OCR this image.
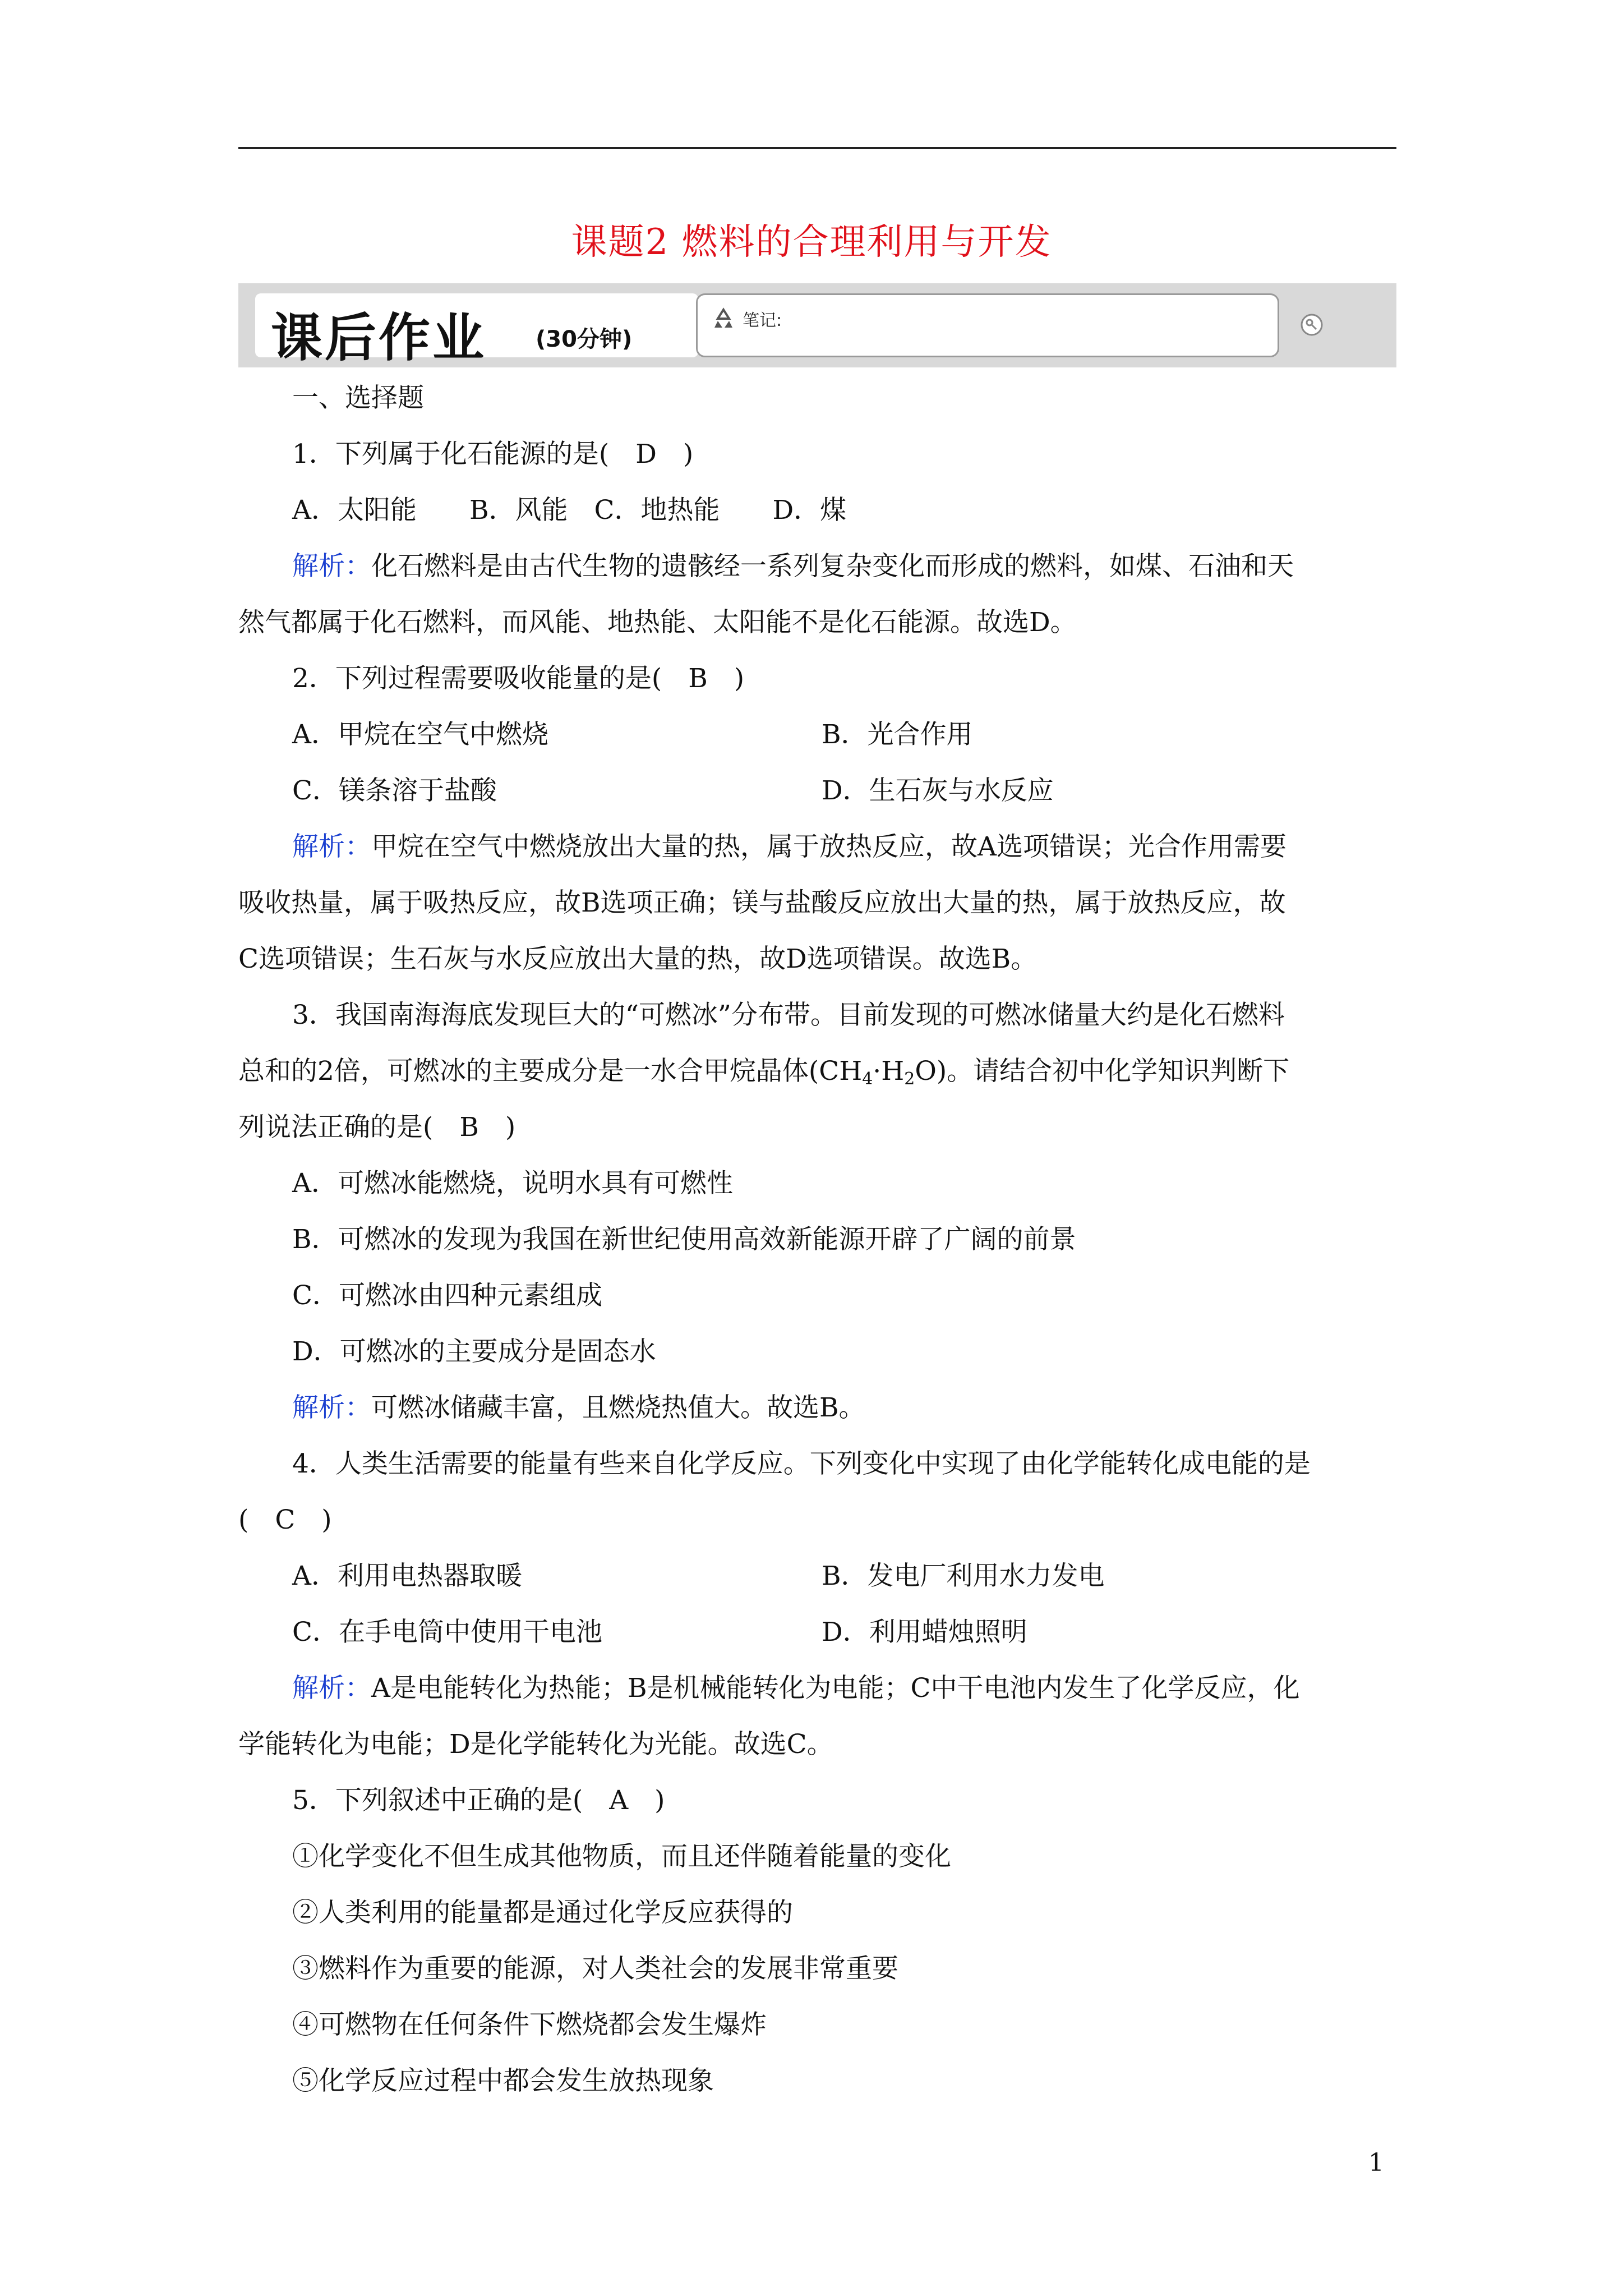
课题2 燃料的合理利用与开发
课后作业 (30分钟)
笔记:
一、选择题
1．下列属于化石能源的是(　D　)
A．太阳能　　B．风能　C．地热能　　D．煤
解析：化石燃料是由古代生物的遗骸经一系列复杂变化而形成的燃料，如煤、石油和天
然气都属于化石燃料，而风能、地热能、太阳能不是化石能源。故选D。
2．下列过程需要吸收能量的是(　B　)
A．甲烷在空气中燃烧	B．光合作用
C．镁条溶于盐酸	D．生石灰与水反应
解析：甲烷在空气中燃烧放出大量的热，属于放热反应，故A选项错误；光合作用需要
吸收热量，属于吸热反应，故B选项正确；镁与盐酸反应放出大量的热，属于放热反应，故
C选项错误；生石灰与水反应放出大量的热，故D选项错误。故选B。
3．我国南海海底发现巨大的“可燃冰”分布带。目前发现的可燃冰储量大约是化石燃料
总和的2倍，可燃冰的主要成分是一水合甲烷晶体$(CH_4\cdot H_2O)$。请结合初中化学知识判断下
列说法正确的是(　B　)
A．可燃冰能燃烧，说明水具有可燃性
B．可燃冰的发现为我国在新世纪使用高效新能源开辟了广阔的前景
C．可燃冰由四种元素组成
D．可燃冰的主要成分是固态水
解析：可燃冰储藏丰富，且燃烧热值大。故选B。
4．人类生活需要的能量有些来自化学反应。下列变化中实现了由化学能转化成电能的是
(　C　)
A．利用电热器取暖	B．发电厂利用水力发电
C．在手电筒中使用干电池	D．利用蜡烛照明
解析：A是电能转化为热能；B是机械能转化为电能；C中干电池内发生了化学反应，化
学能转化为电能；D是化学能转化为光能。故选C。
5．下列叙述中正确的是(　A　)
①化学变化不但生成其他物质，而且还伴随着能量的变化
②人类利用的能量都是通过化学反应获得的
③燃料作为重要的能源，对人类社会的发展非常重要
④可燃物在任何条件下燃烧都会发生爆炸
⑤化学反应过程中都会发生放热现象
1
